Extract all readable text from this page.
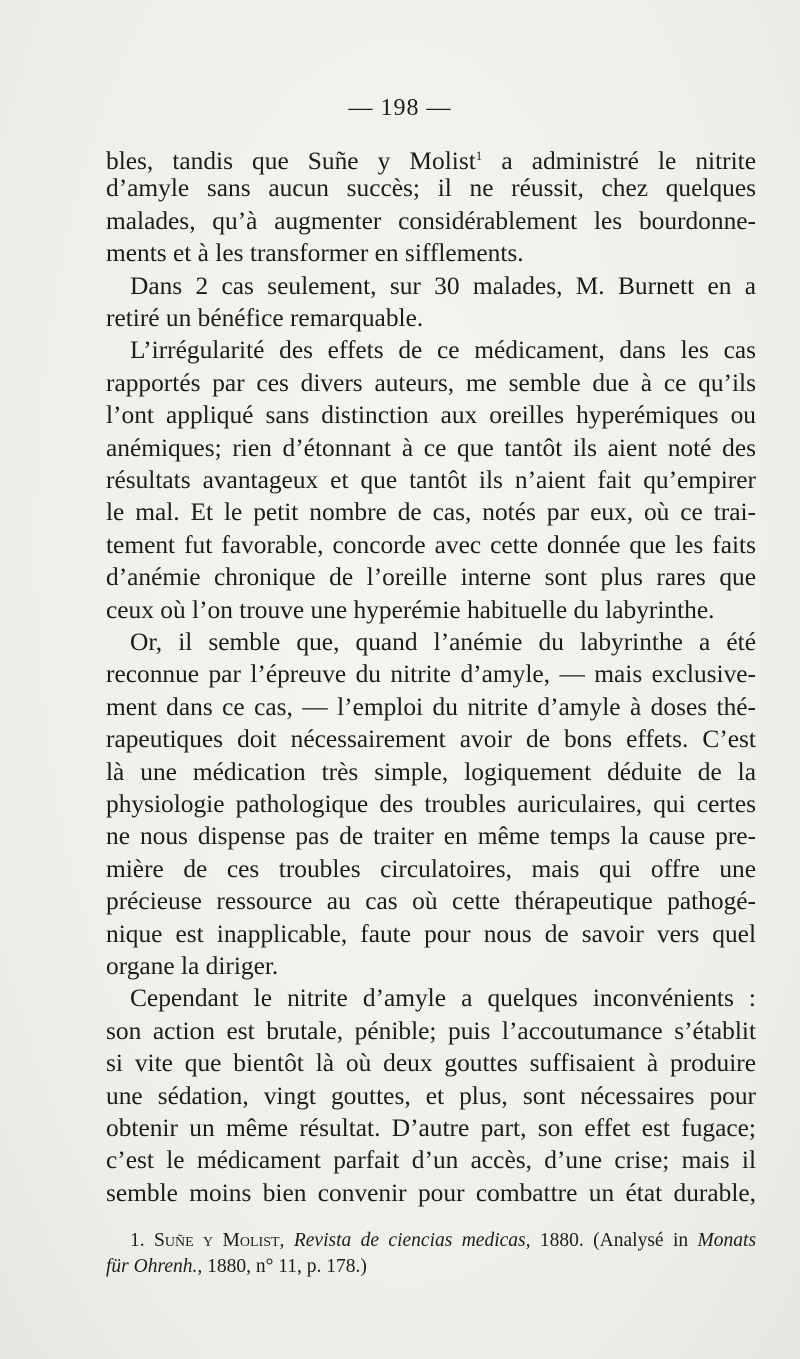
— 198 —
bles, tandis que Suñe y Molist$^1$ a administré le nitrite
d’amyle sans aucun succès; il ne réussit, chez quelques
malades, qu’à augmenter considérablement les bourdonne-
ments et à les transformer en sifflements.
Dans 2 cas seulement, sur 30 malades, M. Burnett en a
retiré un bénéfice remarquable.
L’irrégularité des effets de ce médicament, dans les cas
rapportés par ces divers auteurs, me semble due à ce qu’ils
l’ont appliqué sans distinction aux oreilles hyperémiques ou
anémiques; rien d’étonnant à ce que tantôt ils aient noté des
résultats avantageux et que tantôt ils n’aient fait qu’empirer
le mal. Et le petit nombre de cas, notés par eux, où ce trai-
tement fut favorable, concorde avec cette donnée que les faits
d’anémie chronique de l’oreille interne sont plus rares que
ceux où l’on trouve une hyperémie habituelle du labyrinthe.
Or, il semble que, quand l’anémie du labyrinthe a été
reconnue par l’épreuve du nitrite d’amyle, — mais exclusive-
ment dans ce cas, — l’emploi du nitrite d’amyle à doses thé-
rapeutiques doit nécessairement avoir de bons effets. C’est
là une médication très simple, logiquement déduite de la
physiologie pathologique des troubles auriculaires, qui certes
ne nous dispense pas de traiter en même temps la cause pre-
mière de ces troubles circulatoires, mais qui offre une
précieuse ressource au cas où cette thérapeutique pathogé-
nique est inapplicable, faute pour nous de savoir vers quel
organe la diriger.
Cependant le nitrite d’amyle a quelques inconvénients :
son action est brutale, pénible; puis l’accoutumance s’établit
si vite que bientôt là où deux gouttes suffisaient à produire
une sédation, vingt gouttes, et plus, sont nécessaires pour
obtenir un même résultat. D’autre part, son effet est fugace;
c’est le médicament parfait d’un accès, d’une crise; mais il
semble moins bien convenir pour combattre un état durable,
1. Suñe y Molist, Revista de ciencias medicas, 1880. (Analysé in Monats
für Ohrenh., 1880, n° 11, p. 178.)
